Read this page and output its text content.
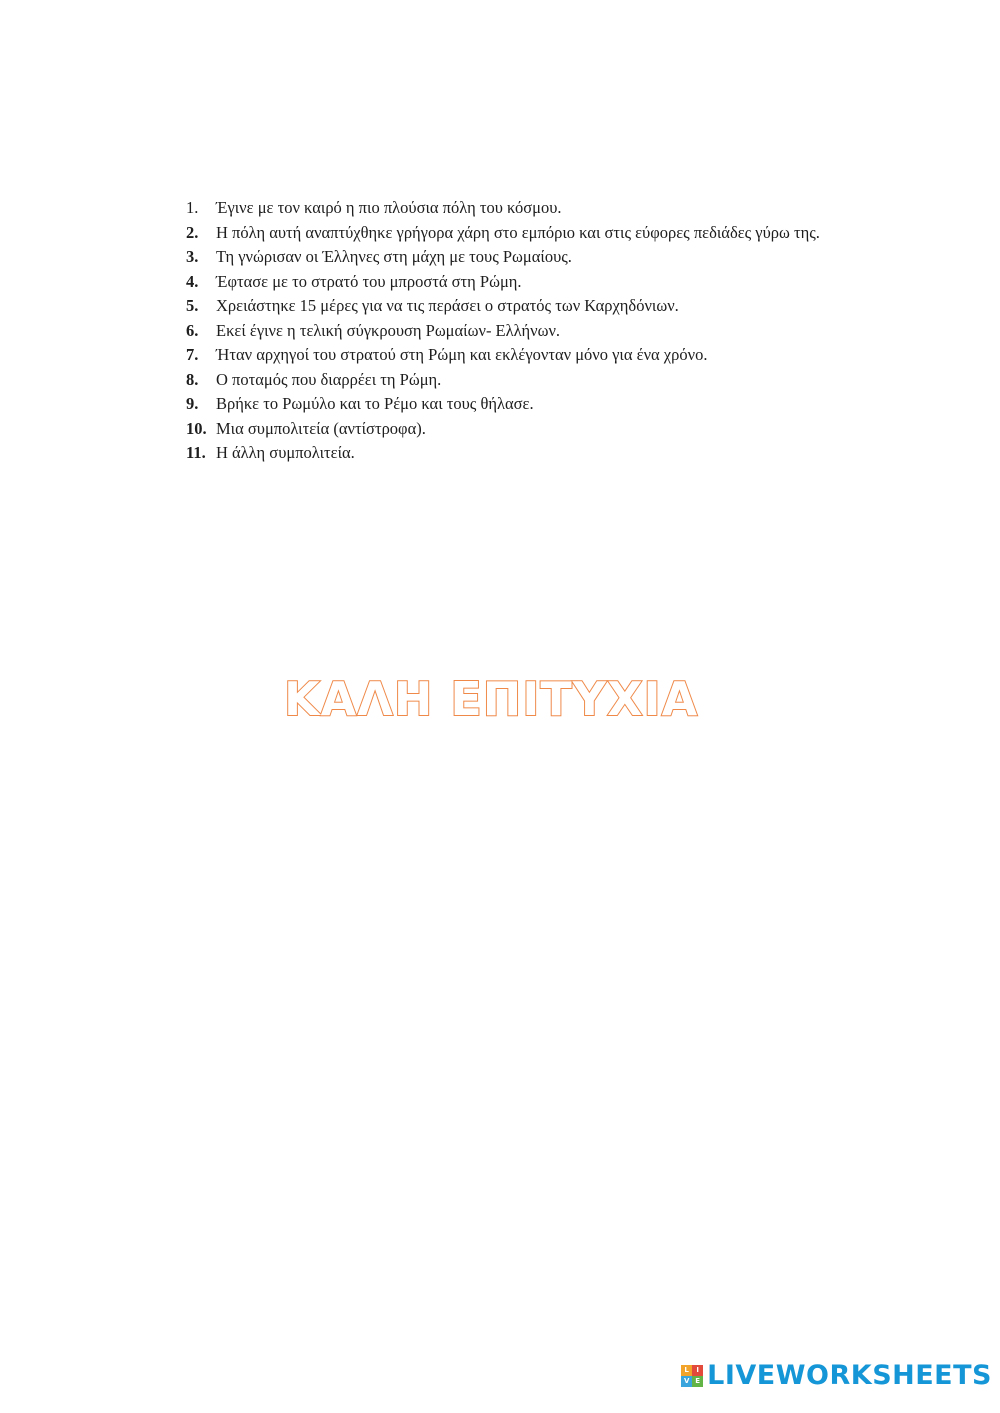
1.	Έγινε με τον καιρό η πιο πλούσια πόλη του κόσμου.
2.	Η πόλη αυτή αναπτύχθηκε γρήγορα χάρη στο εμπόριο και στις εύφορες πεδιάδες γύρω της.
3.	Τη γνώρισαν οι Έλληνες στη μάχη με τους Ρωμαίους.
4.	Έφτασε με το στρατό του μπροστά στη Ρώμη.
5.	Χρειάστηκε 15 μέρες για να τις περάσει ο στρατός των Καρχηδόνιων.
6.	Εκεί έγινε η τελική σύγκρουση Ρωμαίων- Ελλήνων.
7.	Ήταν αρχηγοί του στρατού στη Ρώμη και εκλέγονταν μόνο για ένα χρόνο.
8.	Ο ποταμός που διαρρέει τη Ρώμη.
9.	Βρήκε το Ρωμύλο και το Ρέμο και τους θήλασε.
10. Μια συμπολιτεία (αντίστροφα).
11. Η άλλη συμπολιτεία.
ΚΑΛΗ ΕΠΙΤΥΧΙΑ
L	I
V E LIVEWORKSHEETS
